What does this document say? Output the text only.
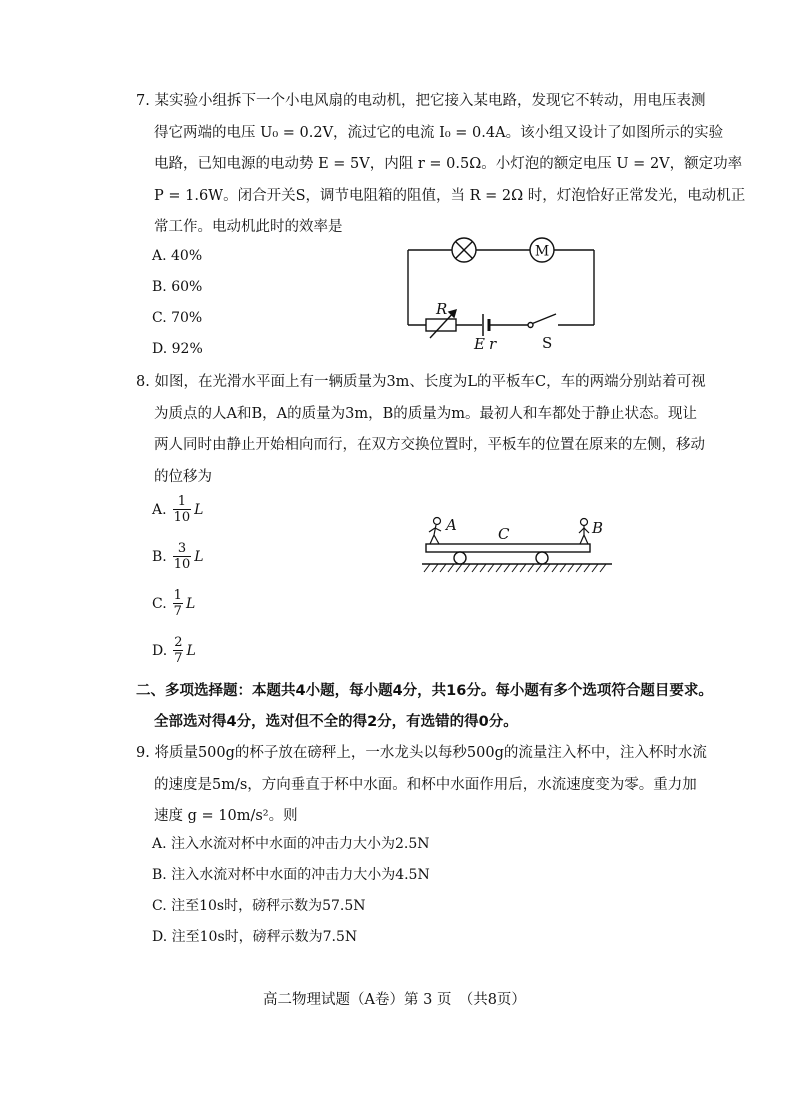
7. 某实验小组拆下一个小电风扇的电动机，把它接入某电路，发现它不转动，用电压表测
得它两端的电压 U₀ = 0.2V，流过它的电流 I₀ = 0.4A。该小组又设计了如图所示的实验
电路，已知电源的电动势 E = 5V，内阻 r = 0.5Ω。小灯泡的额定电压 U = 2V，额定功率
P = 1.6W。闭合开关S，调节电阻箱的阻值，当 R = 2Ω 时，灯泡恰好正常发光，电动机正
常工作。电动机此时的效率是
A. 40%
B. 60%
C. 70%
D. 92%
M
R
E r	S
8. 如图，在光滑水平面上有一辆质量为3m、长度为L的平板车C，车的两端分别站着可视
为质点的人A和B，A的质量为3m，B的质量为m。最初人和车都处于静止状态。现让
两人同时由静止开始相向而行，在双方交换位置时，平板车的位置在原来的左侧，移动
的位移为
A. $\frac{1}{10}$ L
B. $\frac{3}{10}$ L
C. $\frac{1}{7}$ L
D. $\frac{2}{7}$ L
A	C	B
二、多项选择题：本题共4小题，每小题4分，共16分。每小题有多个选项符合题目要求。
全部选对得4分，选对但不全的得2分，有选错的得0分。
9. 将质量500g的杯子放在磅秤上，一水龙头以每秒500g的流量注入杯中，注入杯时水流
的速度是5m/s，方向垂直于杯中水面。和杯中水面作用后，水流速度变为零。重力加
速度 g = 10m/s²。则
A. 注入水流对杯中水面的冲击力大小为2.5N
B. 注入水流对杯中水面的冲击力大小为4.5N
C. 注至10s时，磅秤示数为57.5N
D. 注至10s时，磅秤示数为7.5N
高二物理试题（A卷）第 3 页　（共8页）
